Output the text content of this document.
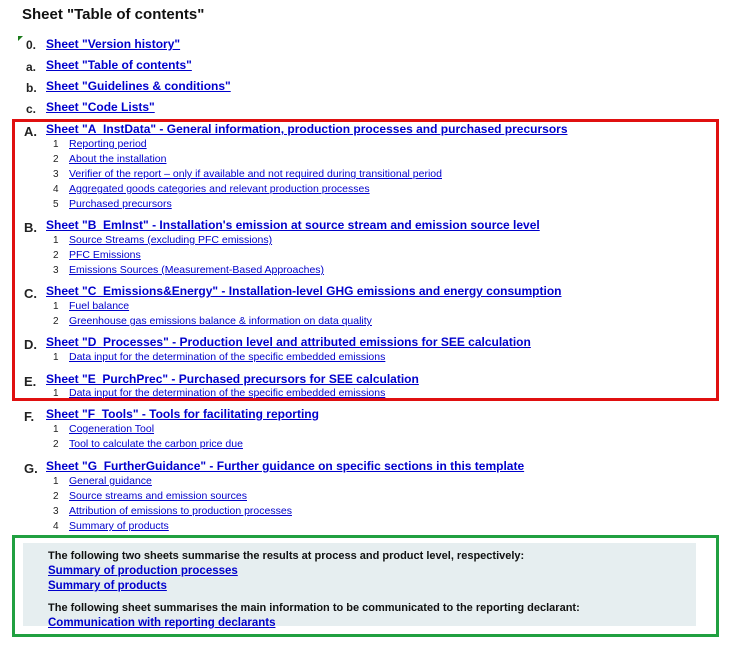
Sheet "Table of contents"
0. Sheet "Version history"
a. Sheet "Table of contents"
b. Sheet "Guidelines & conditions"
c. Sheet "Code Lists"
A. Sheet "A_InstData" - General information, production processes and purchased precursors
1 Reporting period
2 About the installation
3 Verifier of the report – only if available and not required during transitional period
4 Aggregated goods categories and relevant production processes
5 Purchased precursors
B. Sheet "B_EmInst" - Installation's emission at source stream and emission source level
1 Source Streams (excluding PFC emissions)
2 PFC Emissions
3 Emissions Sources (Measurement-Based Approaches)
C. Sheet "C_Emissions&Energy" - Installation-level GHG emissions and energy consumption
1 Fuel balance
2 Greenhouse gas emissions balance & information on data quality
D. Sheet "D_Processes" - Production level and attributed emissions for SEE calculation
1 Data input for the determination of the specific embedded emissions
E. Sheet "E_PurchPrec" - Purchased precursors for SEE calculation
1 Data input for the determination of the specific embedded emissions
F. Sheet "F_Tools" - Tools for facilitating reporting
1 Cogeneration Tool
2 Tool to calculate the carbon price due
G. Sheet "G_FurtherGuidance" - Further guidance on specific sections in this template
1 General guidance
2 Source streams and emission sources
3 Attribution of emissions to production processes
4 Summary of products
The following two sheets summarise the results at process and product level, respectively:
Summary of production processes
Summary of products
The following sheet summarises the main information to be communicated to the reporting declarant:
Communication with reporting declarants
